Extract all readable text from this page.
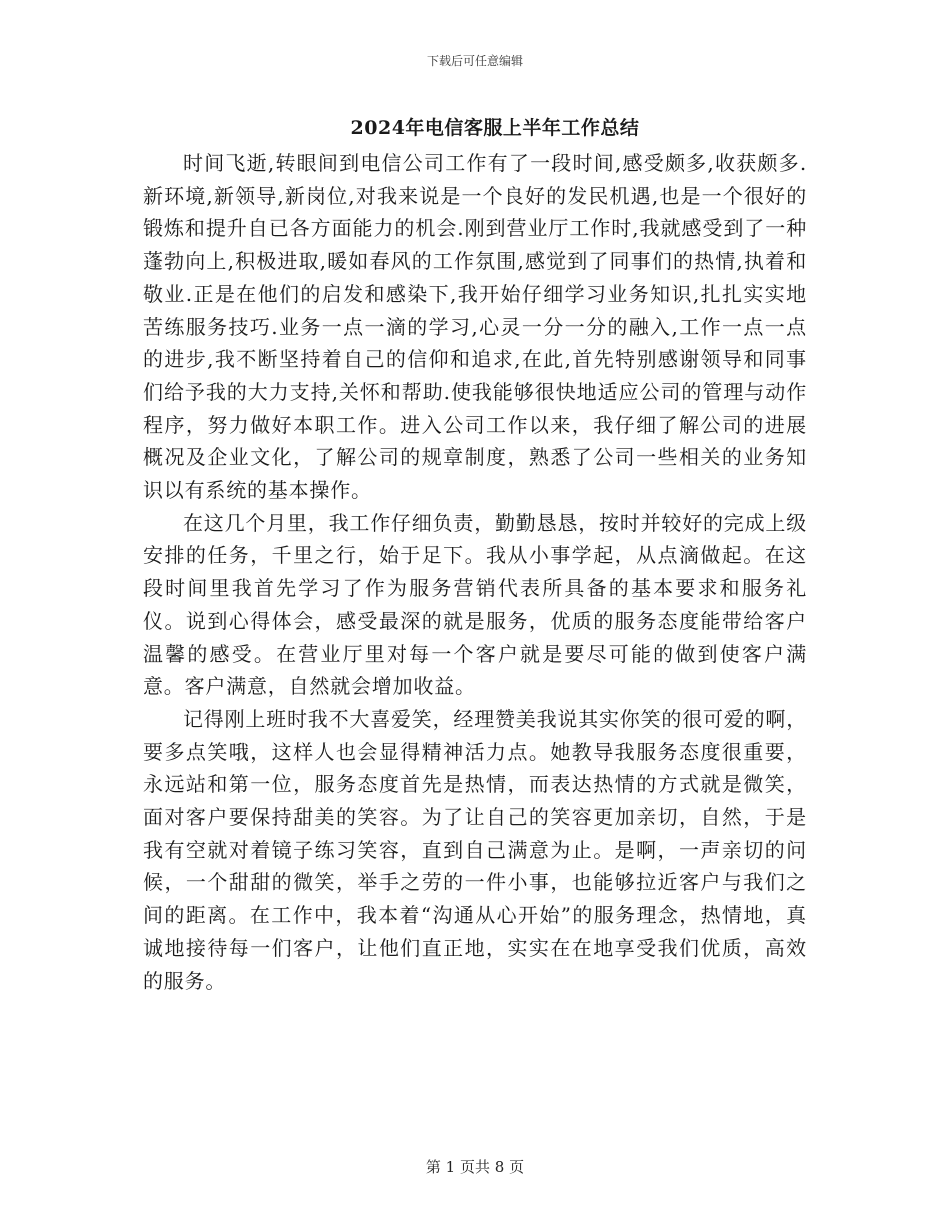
下载后可任意编辑
2024年电信客服上半年工作总结

时间飞逝,转眼间到电信公司工作有了一段时间,感受颇多,收获颇多.新环境,新领导,新岗位,对我来说是一个良好的发民机遇,也是一个很好的锻炼和提升自已各方面能力的机会.刚到营业厅工作时,我就感受到了一种蓬勃向上,积极进取,暖如春风的工作氛围,感觉到了同事们的热情,执着和敬业.正是在他们的启发和感染下,我开始仔细学习业务知识,扎扎实实地苦练服务技巧.业务一点一滴的学习,心灵一分一分的融入,工作一点一点的进步,我不断坚持着自己的信仰和追求,在此,首先特别感谢领导和同事们给予我的大力支持,关怀和帮助.使我能够很快地适应公司的管理与动作程序，努力做好本职工作。进入公司工作以来，我仔细了解公司的进展概况及企业文化，了解公司的规章制度，熟悉了公司一些相关的业务知识以有系统的基本操作。

在这几个月里，我工作仔细负责，勤勤恳恳，按时并较好的完成上级安排的任务，千里之行，始于足下。我从小事学起，从点滴做起。在这段时间里我首先学习了作为服务营销代表所具备的基本要求和服务礼仪。说到心得体会，感受最深的就是服务，优质的服务态度能带给客户温馨的感受。在营业厅里对每一个客户就是要尽可能的做到使客户满意。客户满意，自然就会增加收益。

记得刚上班时我不大喜爱笑，经理赞美我说其实你笑的很可爱的啊，要多点笑哦，这样人也会显得精神活力点。她教导我服务态度很重要，永远站和第一位，服务态度首先是热情，而表达热情的方式就是微笑，面对客户要保持甜美的笑容。为了让自己的笑容更加亲切，自然，于是我有空就对着镜子练习笑容，直到自己满意为止。是啊，一声亲切的问候，一个甜甜的微笑，举手之劳的一件小事，也能够拉近客户与我们之间的距离。在工作中，我本着“沟通从心开始”的服务理念，热情地，真诚地接待每一们客户，让他们直正地，实实在在地享受我们优质，高效的服务。

第 1 页共 8 页
